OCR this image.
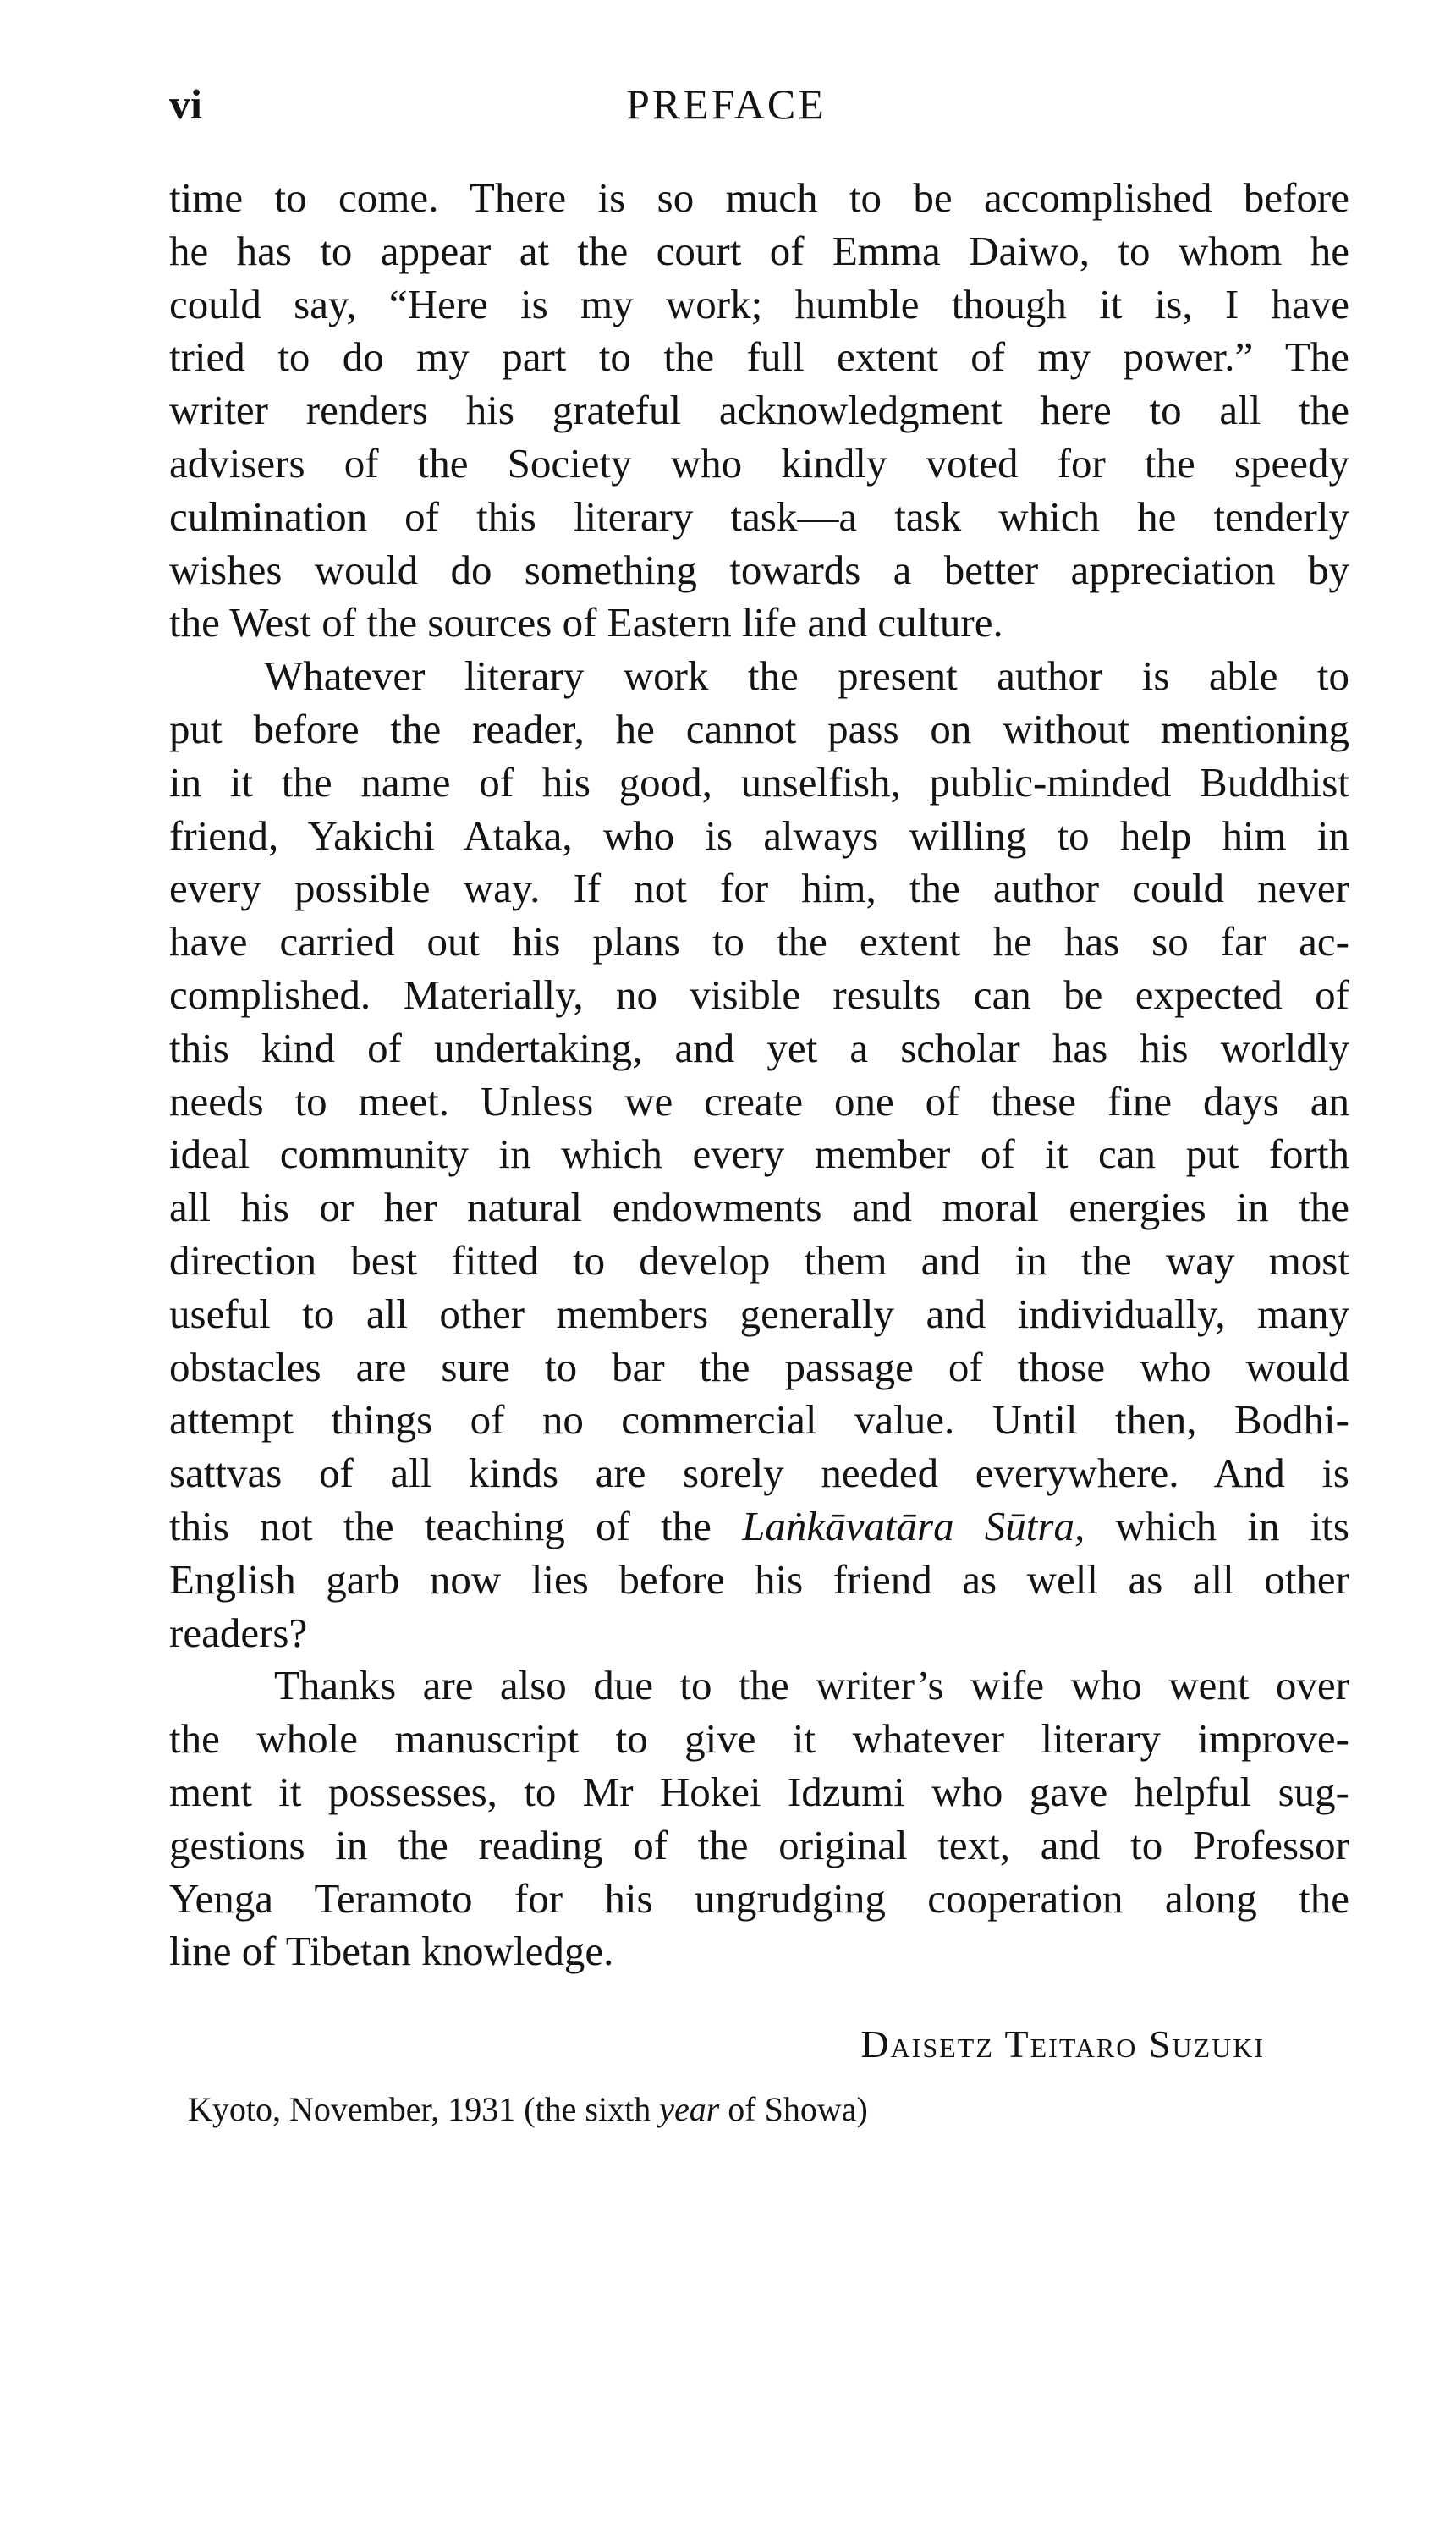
vi	PREFACE
time to come. There is so much to be accomplished before
he has to appear at the court of Emma Daiwo, to whom he
could say, “Here is my work; humble though it is, I have
tried to do my part to the full extent of my power.” The
writer renders his grateful acknowledgment here to all the
advisers of the Society who kindly voted for the speedy
culmination of this literary task—a task which he tenderly
wishes would do something towards a better appreciation by
the West of the sources of Eastern life and culture.
Whatever literary work the present author is able to
put before the reader, he cannot pass on without mentioning
in it the name of his good, unselfish, public-minded Buddhist
friend, Yakichi Ataka, who is always willing to help him in
every possible way. If not for him, the author could never
have carried out his plans to the extent he has so far ac-
complished. Materially, no visible results can be expected of
this kind of undertaking, and yet a scholar has his worldly
needs to meet. Unless we create one of these fine days an
ideal community in which every member of it can put forth
all his or her natural endowments and moral energies in the
direction best fitted to develop them and in the way most
useful to all other members generally and individually, many
obstacles are sure to bar the passage of those who would
attempt things of no commercial value. Until then, Bodhi-
sattvas of all kinds are sorely needed everywhere. And is
this not the teaching of the Laṅkāvatāra Sūtra, which in its
English garb now lies before his friend as well as all other
readers?
Thanks are also due to the writer’s wife who went over
the whole manuscript to give it whatever literary improve-
ment it possesses, to Mr Hokei Idzumi who gave helpful sug-
gestions in the reading of the original text, and to Professor
Yenga Teramoto for his ungrudging cooperation along the
line of Tibetan knowledge.
Daisetz Teitaro Suzuki
Kyoto, November, 1931 (the sixth year of Showa)
